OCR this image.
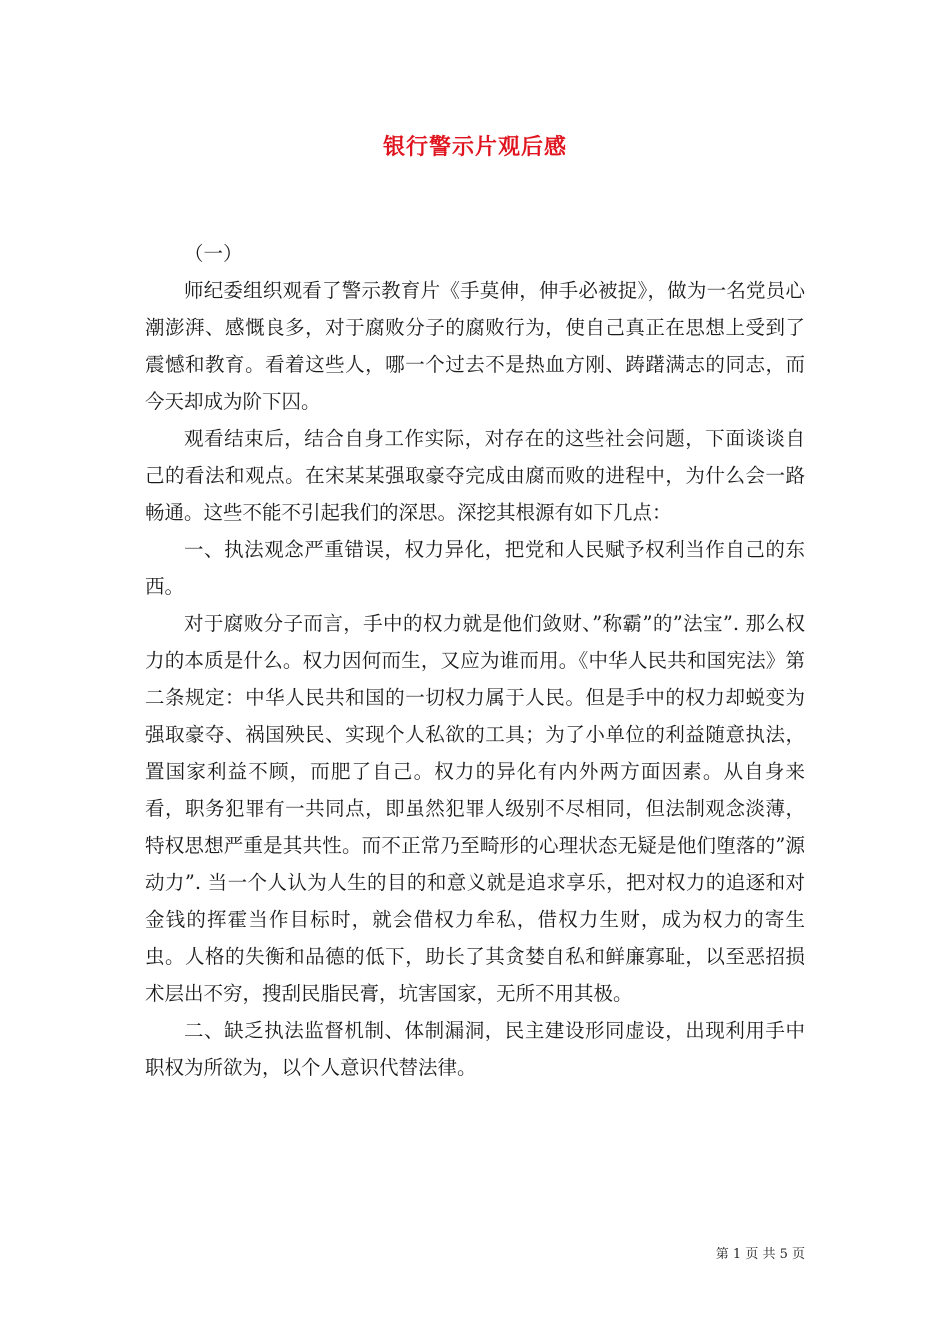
银行警示片观后感

（一）

师纪委组织观看了警示教育片《手莫伸，伸手必被捉》，做为一名党员心潮澎湃、感慨良多，对于腐败分子的腐败行为，使自己真正在思想上受到了震憾和教育。看着这些人，哪一个过去不是热血方刚、踌躇满志的同志，而今天却成为阶下囚。

观看结束后，结合自身工作实际，对存在的这些社会问题，下面谈谈自己的看法和观点。在宋某某强取豪夺完成由腐而败的进程中，为什么会一路畅通。这些不能不引起我们的深思。深挖其根源有如下几点：

一、执法观念严重错误，权力异化，把党和人民赋予权利当作自己的东西。

对于腐败分子而言，手中的权力就是他们敛财、”称霸”的”法宝”. 那么权力的本质是什么。权力因何而生，又应为谁而用。《中华人民共和国宪法》第二条规定：中华人民共和国的一切权力属于人民。但是手中的权力却蜕变为强取豪夺、祸国殃民、实现个人私欲的工具；为了小单位的利益随意执法，置国家利益不顾，而肥了自己。权力的异化有内外两方面因素。从自身来看，职务犯罪有一共同点，即虽然犯罪人级别不尽相同，但法制观念淡薄，特权思想严重是其共性。而不正常乃至畸形的心理状态无疑是他们堕落的”源动力”. 当一个人认为人生的目的和意义就是追求享乐，把对权力的追逐和对金钱的挥霍当作目标时，就会借权力牟私，借权力生财，成为权力的寄生虫。人格的失衡和品德的低下，助长了其贪婪自私和鲜廉寡耻，以至恶招损术层出不穷，搜刮民脂民膏，坑害国家，无所不用其极。

二、缺乏执法监督机制、体制漏洞，民主建设形同虚设，出现利用手中职权为所欲为，以个人意识代替法律。

第 1 页 共 5 页
